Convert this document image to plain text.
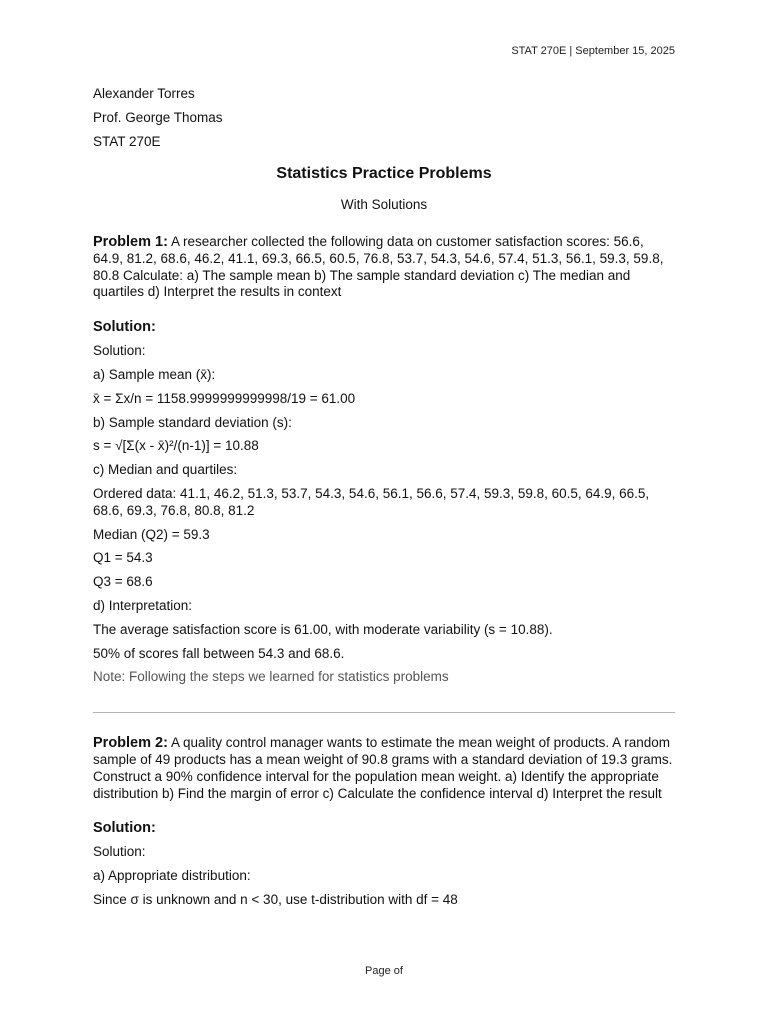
STAT 270E | September 15, 2025
Alexander Torres
Prof. George Thomas
STAT 270E
Statistics Practice Problems
With Solutions
Problem 1: A researcher collected the following data on customer satisfaction scores: 56.6, 64.9, 81.2, 68.6, 46.2, 41.1, 69.3, 66.5, 60.5, 76.8, 53.7, 54.3, 54.6, 57.4, 51.3, 56.1, 59.3, 59.8, 80.8 Calculate: a) The sample mean b) The sample standard deviation c) The median and quartiles d) Interpret the results in context
Solution:
Solution:
a) Sample mean (x̄):
x̄ = Σx/n = 1158.9999999999998/19 = 61.00
b) Sample standard deviation (s):
s = √[Σ(x - x̄)²/(n-1)] = 10.88
c) Median and quartiles:
Ordered data: 41.1, 46.2, 51.3, 53.7, 54.3, 54.6, 56.1, 56.6, 57.4, 59.3, 59.8, 60.5, 64.9, 66.5, 68.6, 69.3, 76.8, 80.8, 81.2
Median (Q2) = 59.3
Q1 = 54.3
Q3 = 68.6
d) Interpretation:
The average satisfaction score is 61.00, with moderate variability (s = 10.88).
50% of scores fall between 54.3 and 68.6.
Note: Following the steps we learned for statistics problems
Problem 2: A quality control manager wants to estimate the mean weight of products. A random sample of 49 products has a mean weight of 90.8 grams with a standard deviation of 19.3 grams. Construct a 90% confidence interval for the population mean weight. a) Identify the appropriate distribution b) Find the margin of error c) Calculate the confidence interval d) Interpret the result
Solution:
Solution:
a) Appropriate distribution:
Since σ is unknown and n < 30, use t-distribution with df = 48
Page of
